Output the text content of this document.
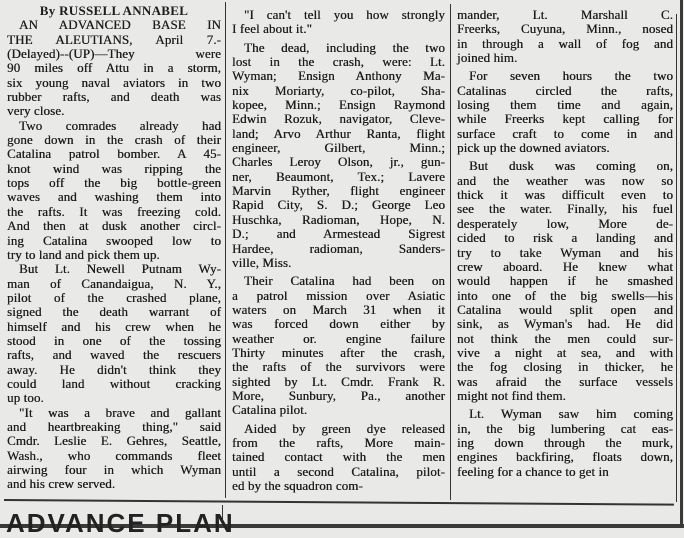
By RUSSELL ANNABEL
AN ADVANCED BASE IN
THE ALEUTIANS, April 7.-
(Delayed)--(UP)—They were
90 miles off Attu in a storm,
six young naval aviators in two
rubber rafts, and death was
very close.
Two comrades already had
gone down in the crash of their
Catalina patrol bomber. A 45-
knot wind was ripping the
tops off the big bottle-green
waves and washing them into
the rafts. It was freezing cold.
And then at dusk another circl-
ing Catalina swooped low to
try to land and pick them up.
But Lt. Newell Putnam Wy-
man of Canandaigua, N. Y.,
pilot of the crashed plane,
signed the death warrant of
himself and his crew when he
stood in one of the tossing
rafts, and waved the rescuers
away. He didn't think they
could land without cracking
up too.
"It was a brave and gallant
and heartbreaking thing," said
Cmdr. Leslie E. Gehres, Seattle,
Wash., who commands fleet
airwing four in which Wyman
and his crew served.
"I can't tell you how strongly
I feel about it."
The dead, including the two
lost in the crash, were: Lt.
Wyman; Ensign Anthony Ma-
nix Moriarty, co-pilot, Sha-
kopee, Minn.; Ensign Raymond
Edwin Rozuk, navigator, Cleve-
land; Arvo Arthur Ranta, flight
engineer, Gilbert, Minn.;
Charles Leroy Olson, jr., gun-
ner, Beaumont, Tex.; Lavere
Marvin Ryther, flight engineer
Rapid City, S. D.; George Leo
Huschka, Radioman, Hope, N.
D.; and Armestead Sigrest
Hardee, radioman, Sanders-
ville, Miss.
Their Catalina had been on
a patrol mission over Asiatic
waters on March 31 when it
was forced down either by
weather or. engine failure
Thirty minutes after the crash,
the rafts of the survivors were
sighted by Lt. Cmdr. Frank R.
More, Sunbury, Pa., another
Catalina pilot.
Aided by green dye released
from the rafts, More main-
tained contact with the men
until a second Catalina, pilot-
ed by the squadron com-
mander, Lt. Marshall C.
Freerks, Cuyuna, Minn., nosed
in through a wall of fog and
joined him.
For seven hours the two
Catalinas circled the rafts,
losing them time and again,
while Freerks kept calling for
surface craft to come in and
pick up the downed aviators.
But dusk was coming on,
and the weather was now so
thick it was difficult even to
see the water. Finally, his fuel
desperately low, More de-
cided to risk a landing and
try to take Wyman and his
crew aboard. He knew what
would happen if he smashed
into one of the big swells—his
Catalina would split open and
sink, as Wyman's had. He did
not think the men could sur-
vive a night at sea, and with
the fog closing in thicker, he
was afraid the surface vessels
might not find them.
Lt. Wyman saw him coming
in, the big lumbering cat eas-
ing down through the murk,
engines backfiring, floats down,
feeling for a chance to get in
ADVANCE PLAN
